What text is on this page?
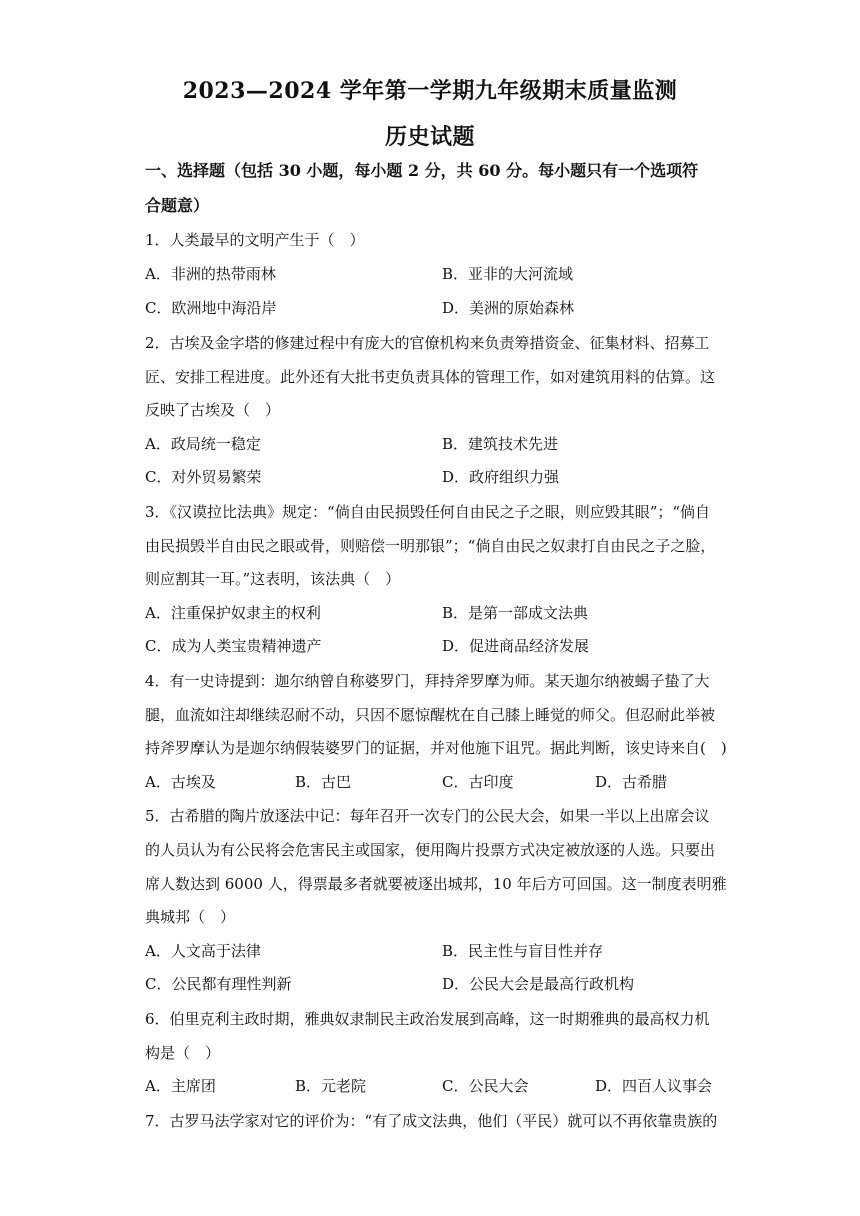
2023—2024 学年第一学期九年级期末质量监测
历史试题
一、选择题（包括 30 小题，每小题 2 分，共 60 分。每小题只有一个选项符
合题意）
1．人类最早的文明产生于（　）
A．非洲的热带雨林	B．亚非的大河流域
C．欧洲地中海沿岸	D．美洲的原始森林
2．古埃及金字塔的修建过程中有庞大的官僚机构来负责筹措资金、征集材料、招募工
匠、安排工程进度。此外还有大批书吏负责具体的管理工作，如对建筑用料的估算。这
反映了古埃及（　）
A．政局统一稳定	B．建筑技术先进
C．对外贸易繁荣	D．政府组织力强
3．《汉谟拉比法典》规定：“倘自由民损毁任何自由民之子之眼，则应毁其眼”；“倘自
由民损毁半自由民之眼或骨，则赔偿一明那银”；“倘自由民之奴隶打自由民之子之脸，
则应割其一耳。”这表明，该法典（　）
A．注重保护奴隶主的权利	B．是第一部成文法典
C．成为人类宝贵精神遗产	D．促进商品经济发展
4．有一史诗提到：迦尔纳曾自称婆罗门，拜持斧罗摩为师。某天迦尔纳被蝎子蛰了大
腿，血流如注却继续忍耐不动，只因不愿惊醒枕在自己膝上睡觉的师父。但忍耐此举被
持斧罗摩认为是迦尔纳假装婆罗门的证据，并对他施下诅咒。据此判断，该史诗来自(　)
A．古埃及	B．古巴	C．古印度	D．古希腊
5．古希腊的陶片放逐法中记：每年召开一次专门的公民大会，如果一半以上出席会议
的人员认为有公民将会危害民主或国家，便用陶片投票方式决定被放逐的人选。只要出
席人数达到 6000 人，得票最多者就要被逐出城邦，10 年后方可回国。这一制度表明雅
典城邦（　）
A．人文高于法律	B．民主性与盲目性并存
C．公民都有理性判新	D．公民大会是最高行政机构
6．伯里克利主政时期，雅典奴隶制民主政治发展到高峰，这一时期雅典的最高权力机
构是（　）
A．主席团	B．元老院	C．公民大会	D．四百人议事会
7．古罗马法学家对它的评价为：“有了成文法典，他们（平民）就可以不再依靠贵族的
